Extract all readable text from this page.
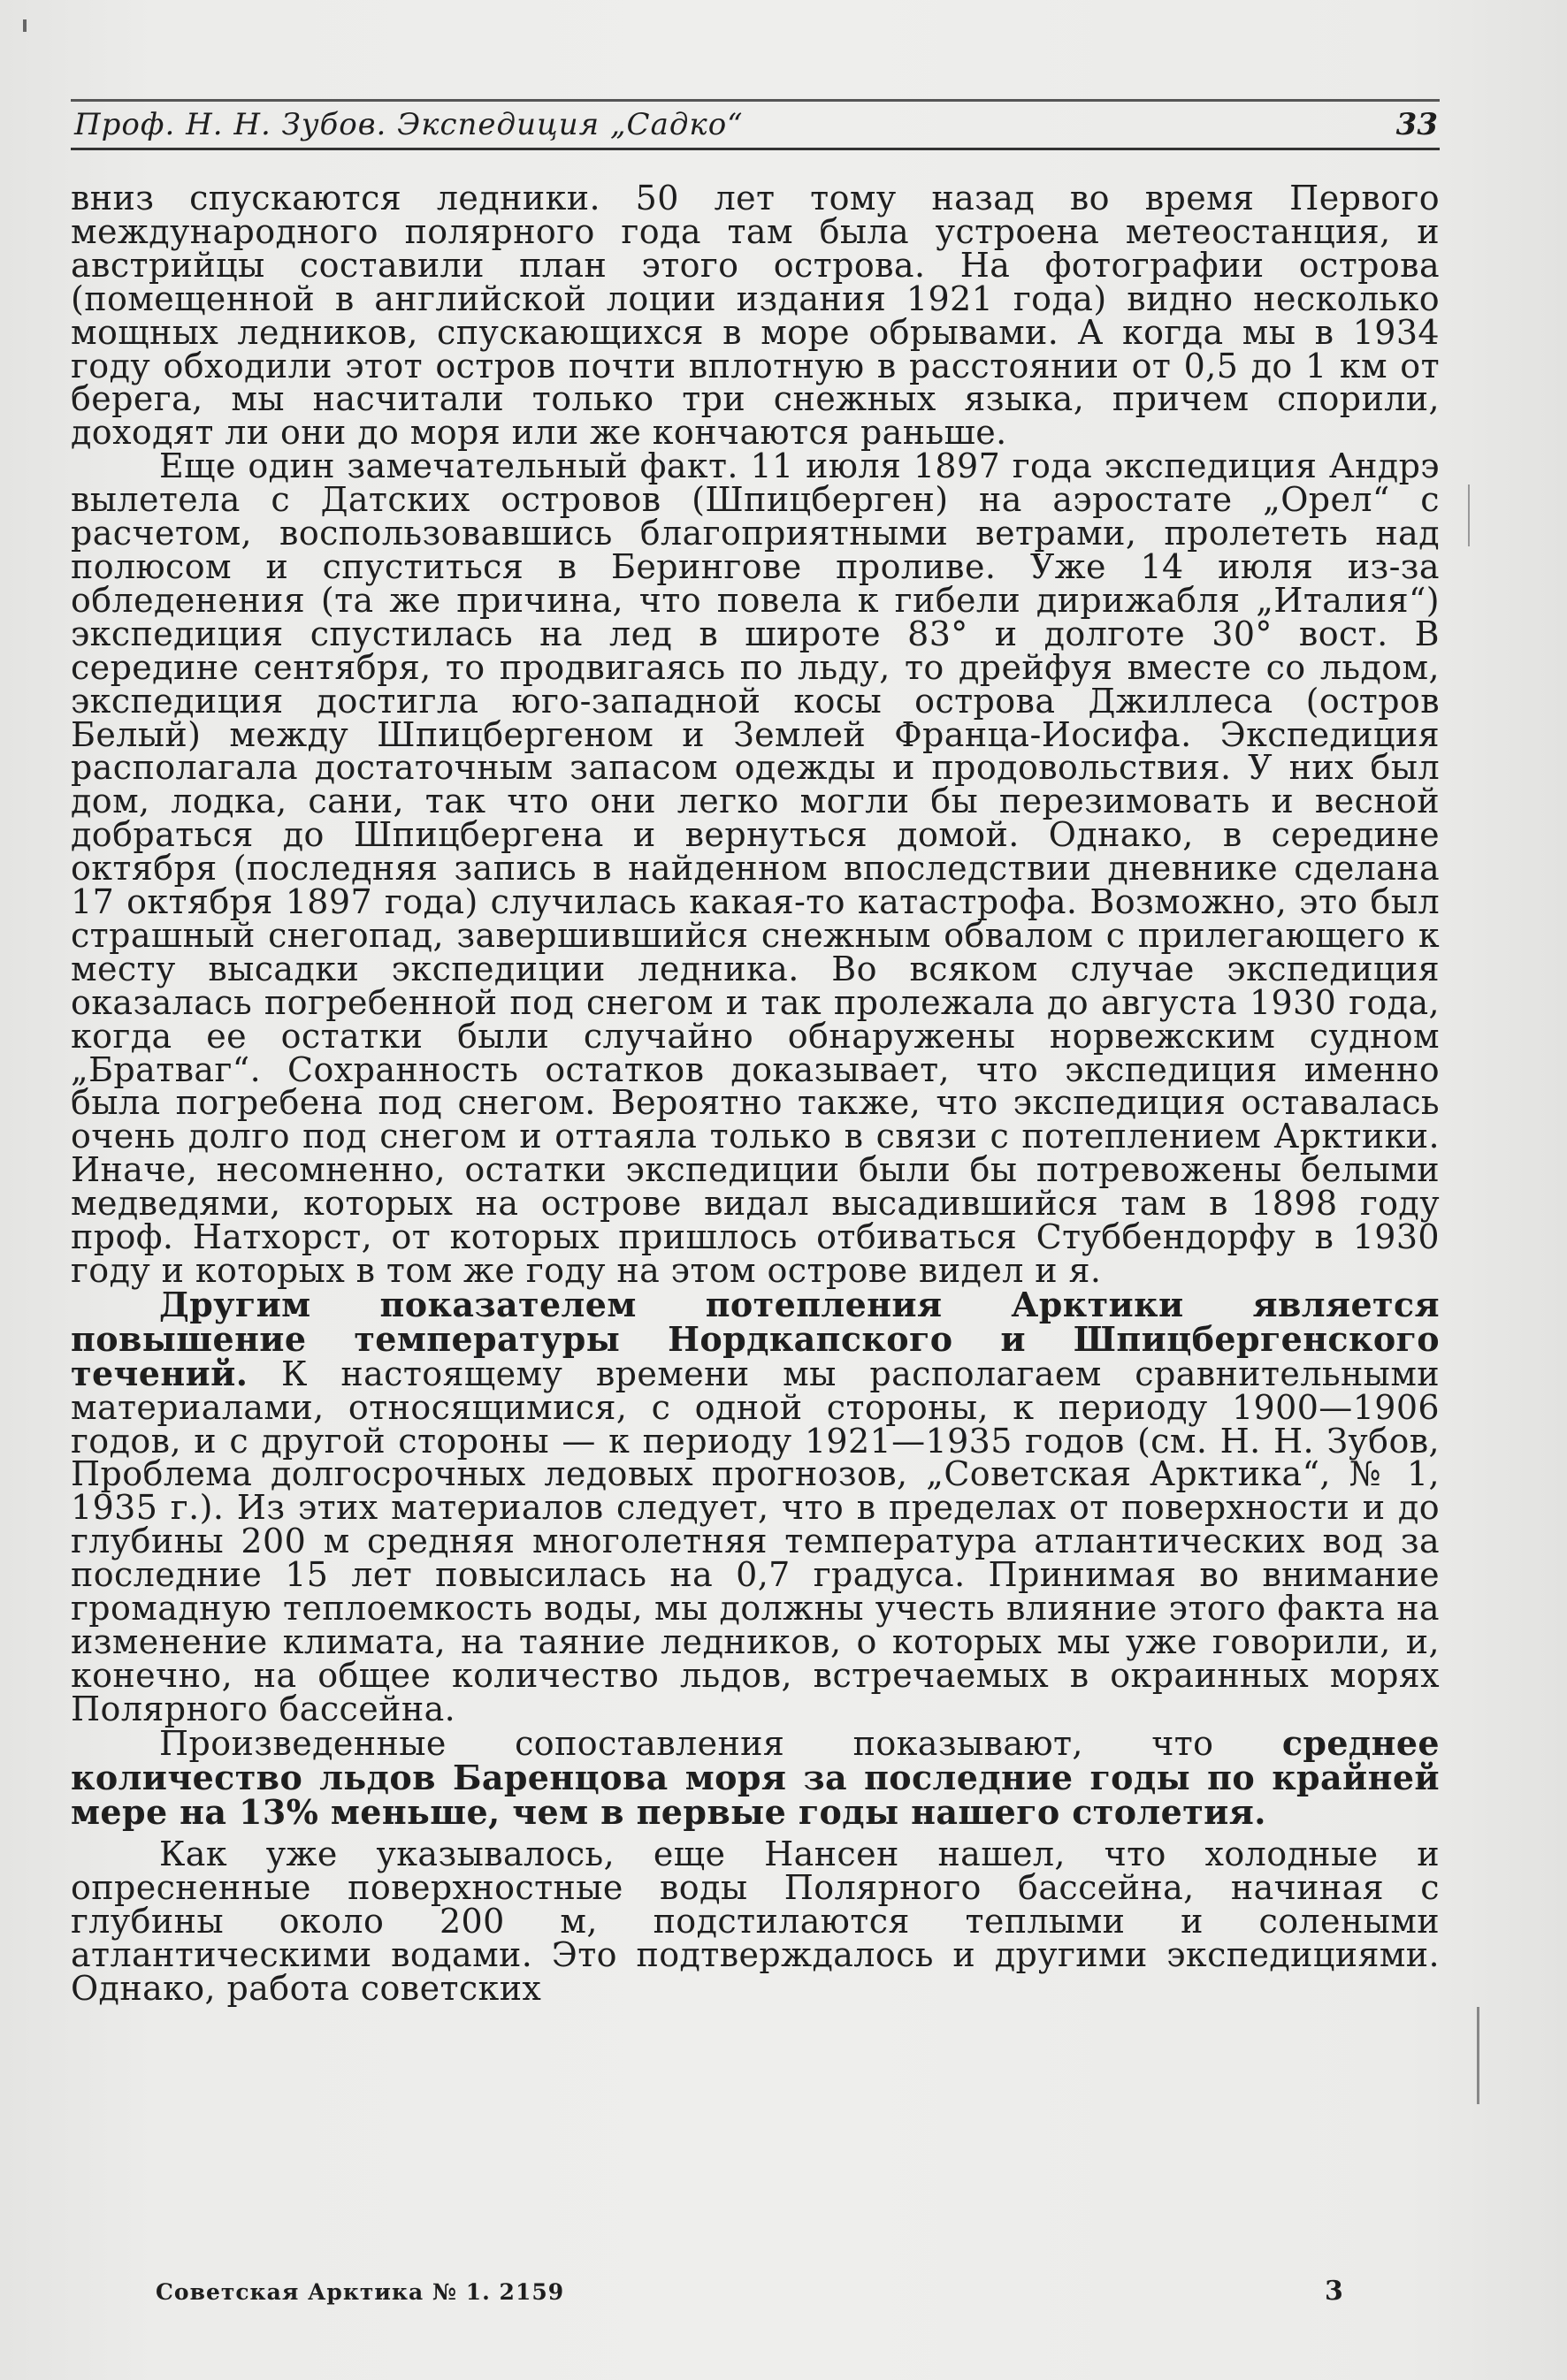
Проф. Н. Н. Зубов. Экспедиция „Садко“	33

вниз спускаются ледники. 50 лет тому назад во время Первого международного полярного года там была устроена метеостанция, и австрийцы составили план этого острова. На фотографии острова (помещенной в английской лоции издания 1921 года) видно несколько мощных ледников, спускающихся в море обрывами. А когда мы в 1934 году обходили этот остров почти вплотную в расстоянии от 0,5 до 1 км от берега, мы насчитали только три снежных языка, причем спорили, доходят ли они до моря или же кончаются раньше.

Еще один замечательный факт. 11 июля 1897 года экспедиция Андрэ вылетела с Датских островов (Шпицберген) на аэростате „Орел“ с расчетом, воспользовавшись благоприятными ветрами, пролететь над полюсом и спуститься в Беринговe проливе. Уже 14 июля из-за обледенения (та же причина, что повела к гибели дирижабля „Италия“) экспедиция спустилась на лед в широте 83° и долготе 30° вост. В середине сентября, то продвигаясь по льду, то дрейфуя вместе со льдом, экспедиция достигла юго-западной косы острова Джиллеса (остров Белый) между Шпицбергеном и Землей Франца-Иосифа. Экспедиция располагала достаточным запасом одежды и продовольствия. У них был дом, лодка, сани, так что они легко могли бы перезимовать и весной добраться до Шпицбергена и вернуться домой. Однако, в середине октября (последняя запись в найденном впоследствии дневнике сделана 17 октября 1897 года) случилась какая-то катастрофа. Возможно, это был страшный снегопад, завершившийся снежным обвалом с прилегающего к месту высадки экспедиции ледника. Во всяком случае экспедиция оказалась погребенной под снегом и так пролежала до августа 1930 года, когда ее остатки были случайно обнаружены норвежским судном „Братвaг“. Сохранность остатков доказывает, что экспедиция именно была погребена под снегом. Вероятно также, что экспедиция оставалась очень долго под снегом и оттаяла только в связи с потеплением Арктики. Иначе, несомненно, остатки экспедиции были бы потревожены белыми медведями, которых на острове видал высадившийся там в 1898 году проф. Натхорст, от которых пришлось отбиваться Стуббендорфу в 1930 году и которых в том же году на этом острове видел и я.

Другим показателем потепления Арктики является повышение температуры Нордкапского и Шпицбергенского течений. К настоящему времени мы располагаем сравнительными материалами, относящимися, с одной стороны, к периоду 1900—1906 годов, и с другой стороны — к периоду 1921—1935 годов (см. Н. Н. Зубов, Проблема долгосрочных ледовых прогнозов, „Советская Арктика“, № 1, 1935 г.). Из этих материалов следует, что в пределах от поверхности и до глубины 200 м средняя многолетняя температура атлантических вод за последние 15 лет повысилась на 0,7 градуса. Принимая во внимание громадную теплоемкость воды, мы должны учесть влияние этого факта на изменение климата, на таяние ледников, о которых мы уже говорили, и, конечно, на общее количество льдов, встречаемых в окраинных морях Полярного бассейна.

Произведенные сопоставления показывают, что среднее количество льдов Баренцова моря за последние годы по крайней мере на 13% меньше, чем в первые годы нашего столетия.

Как уже указывалось, еще Нансен нашел, что холодные и опресненные поверхностные воды Полярного бассейна, начиная с глубины около 200 м, подстилаются теплыми и солеными атлантическими водами. Это подтверждалось и другими экспедициями. Однако, работа советских

Советская Арктика № 1. 2159	3
